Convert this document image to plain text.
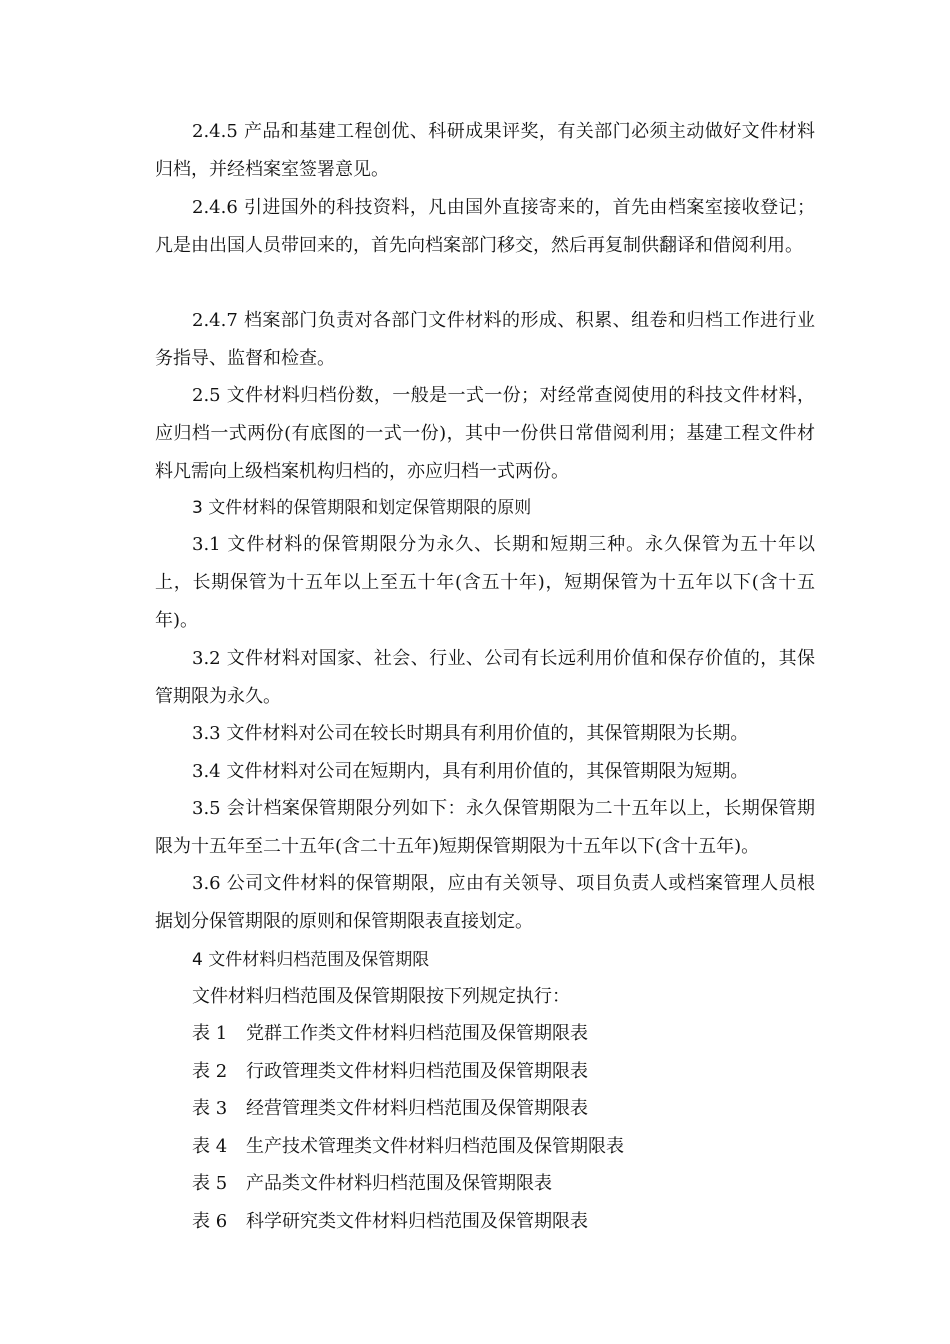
2.4.5 产品和基建工程创优、科研成果评奖，有关部门必须主动做好文件材料归档，并经档案室签署意见。

2.4.6 引进国外的科技资料，凡由国外直接寄来的，首先由档案室接收登记；凡是由出国人员带回来的，首先向档案部门移交，然后再复制供翻译和借阅利用。

2.4.7 档案部门负责对各部门文件材料的形成、积累、组卷和归档工作进行业务指导、监督和检查。

2.5 文件材料归档份数，一般是一式一份；对经常查阅使用的科技文件材料，应归档一式两份(有底图的一式一份)，其中一份供日常借阅利用；基建工程文件材料凡需向上级档案机构归档的，亦应归档一式两份。

3 文件材料的保管期限和划定保管期限的原则

3.1 文件材料的保管期限分为永久、长期和短期三种。永久保管为五十年以上，长期保管为十五年以上至五十年(含五十年)，短期保管为十五年以下(含十五年)。

3.2 文件材料对国家、社会、行业、公司有长远利用价值和保存价值的，其保管期限为永久。

3.3 文件材料对公司在较长时期具有利用价值的，其保管期限为长期。

3.4 文件材料对公司在短期内，具有利用价值的，其保管期限为短期。

3.5 会计档案保管期限分列如下：永久保管期限为二十五年以上，长期保管期限为十五年至二十五年(含二十五年)短期保管期限为十五年以下(含十五年)。

3.6 公司文件材料的保管期限，应由有关领导、项目负责人或档案管理人员根据划分保管期限的原则和保管期限表直接划定。

4 文件材料归档范围及保管期限

文件材料归档范围及保管期限按下列规定执行：

表 1 党群工作类文件材料归档范围及保管期限表

表 2 行政管理类文件材料归档范围及保管期限表

表 3 经营管理类文件材料归档范围及保管期限表

表 4 生产技术管理类文件材料归档范围及保管期限表

表 5 产品类文件材料归档范围及保管期限表

表 6 科学研究类文件材料归档范围及保管期限表
